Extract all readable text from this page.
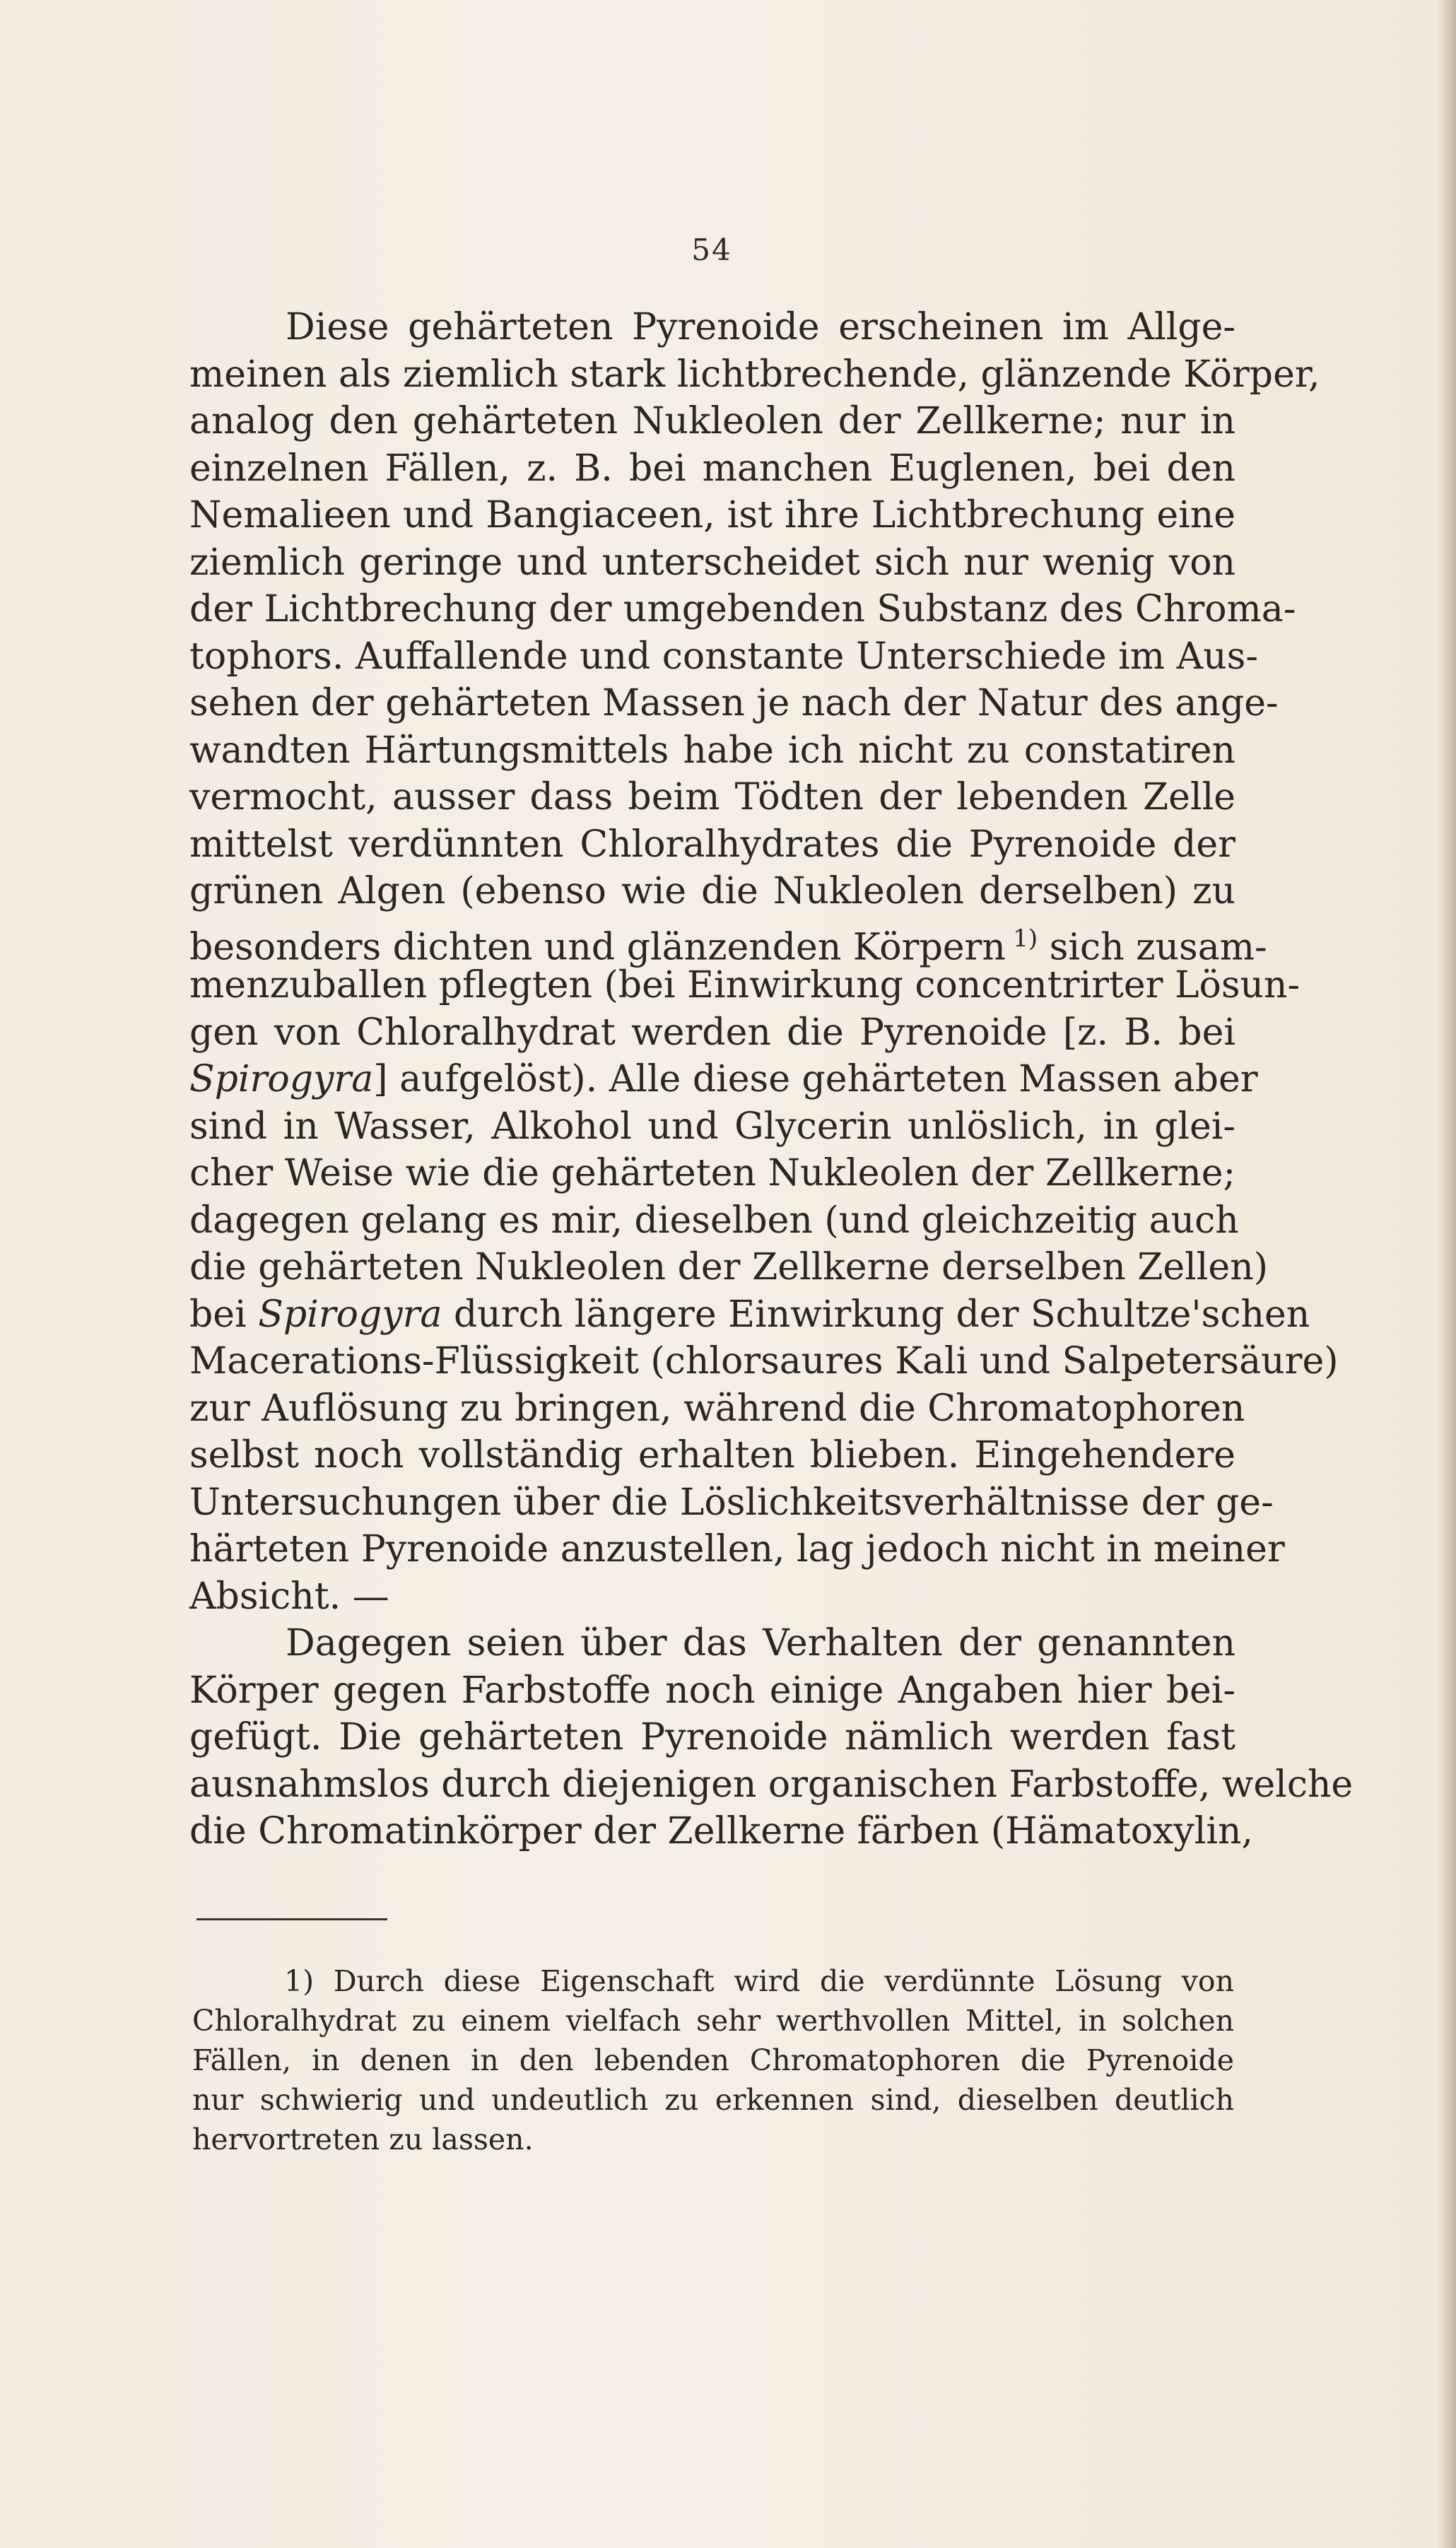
54
Diese gehärteten Pyrenoide erscheinen im Allge-
meinen als ziemlich stark lichtbrechende, glänzende Körper,
analog den gehärteten Nukleolen der Zellkerne; nur in
einzelnen Fällen, z. B. bei manchen Euglenen, bei den
Nemalieen und Bangiaceen, ist ihre Lichtbrechung eine
ziemlich geringe und unterscheidet sich nur wenig von
der Lichtbrechung der umgebenden Substanz des Chroma-
tophors. Auffallende und constante Unterschiede im Aus-
sehen der gehärteten Massen je nach der Natur des ange-
wandten Härtungsmittels habe ich nicht zu constatiren
vermocht, ausser dass beim Tödten der lebenden Zelle
mittelst verdünnten Chloralhydrates die Pyrenoide der
grünen Algen (ebenso wie die Nukleolen derselben) zu
besonders dichten und glänzenden Körpern  $^{1)}$ sich zusam-
menzuballen pflegten (bei Einwirkung concentrirter Lösun-
gen von Chloralhydrat werden die Pyrenoide [z. B. bei
Spirogyra] aufgelöst). Alle diese gehärteten Massen aber
sind in Wasser, Alkohol und Glycerin unlöslich, in glei-
cher Weise wie die gehärteten Nukleolen der Zellkerne;
dagegen gelang es mir, dieselben (und gleichzeitig auch
die gehärteten Nukleolen der Zellkerne derselben Zellen)
bei Spirogyra durch längere Einwirkung der Schultze'schen
Macerations-Flüssigkeit (chlorsaures Kali und Salpetersäure)
zur Auflösung zu bringen, während die Chromatophoren
selbst noch vollständig erhalten blieben. Eingehendere
Untersuchungen über die Löslichkeitsverhältnisse der ge-
härteten Pyrenoide anzustellen, lag jedoch nicht in meiner
Absicht. —
Dagegen seien über das Verhalten der genannten
Körper gegen Farbstoffe noch einige Angaben hier bei-
gefügt. Die gehärteten Pyrenoide nämlich werden fast
ausnahmslos durch diejenigen organischen Farbstoffe, welche
die Chromatinkörper der Zellkerne färben (Hämatoxylin,
1) Durch diese Eigenschaft wird die verdünnte Lösung von
Chloralhydrat zu einem vielfach sehr werthvollen Mittel, in solchen
Fällen, in denen in den lebenden Chromatophoren die Pyrenoide
nur schwierig und undeutlich zu erkennen sind, dieselben deutlich
hervortreten zu lassen.
